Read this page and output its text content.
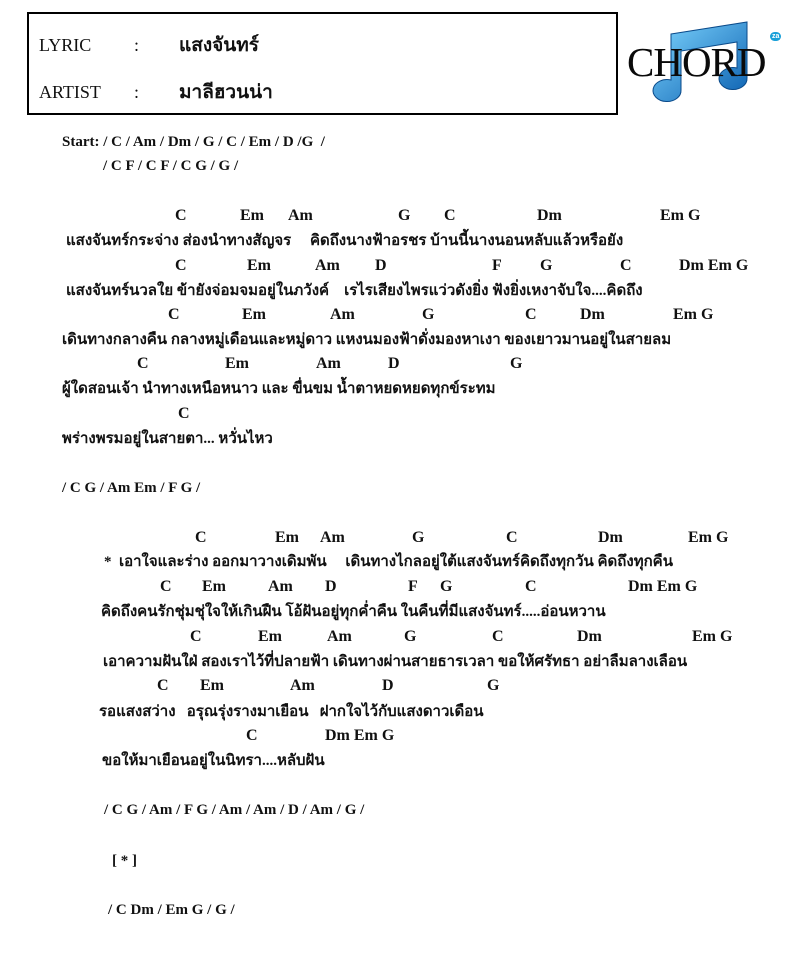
LYRIC : แสงจันทร์
ARTIST : มาลีฮวนน่า
CHORD
za
Start: / C / Am / Dm / G / C / Em / D /G  /
/ C F / C F / C G / G /
C	Em Am	G C	Dm	Em G
แสงจันทร์กระจ่าง ส่องนำทางสัญจร     คิดถึงนางฟ้าอรชร บ้านนี้นางนอนหลับแล้วหรือยัง
C	Em	Am D	F G	C	Dm Em G
แสงจันทร์นวลใย ข้ายังจ่อมจมอยู่ในภวังค์    เรไรเสียงไพรแว่วดังยิ่ง ฟังยิ่งเหงาจับใจ....คิดถึง
C	Em	Am	G	C	Dm	Em G
เดินทางกลางคืน กลางหมู่เดือนและหมู่ดาว แหงนมองฟ้าดั่งมองหาเงา ของเยาวมานอยู่ในสายลม
C	Em	Am	D	G
ผู้ใดสอนเจ้า นำทางเหนือหนาว และ ขื่นขม น้ำตาหยดหยดทุกข์ระทม
C
พร่างพรมอยู่ในสายตา... หวั่นไหว
/ C G / Am Em / F G /
C	Em Am	G	C	Dm	Em G
*  เอาใจและร่าง ออกมาวางเดิมพัน     เดินทางไกลอยู่ใต้แสงจันทร์คิดถึงทุกวัน คิดถึงทุกคืน
C Em	Am D	F G	C	Dm Em G
คิดถึงคนรักชุ่มชุ่ใจให้เกินฝืน โอ้ฝันอยู่ทุกค่ำคืน ในคืนที่มีแสงจันทร์.....อ่อนหวาน
C	Em	Am	G	C	Dm	Em G
เอาความฝันใฝ่ สองเราไว้ที่ปลายฟ้า เดินทางผ่านสายธารเวลา ขอให้ศรัทธา อย่าลืมลางเลือน
C Em	Am	D	G
รอแสงสว่าง   อรุณรุ่งรางมาเยือน   ฝากใจไว้กับแสงดาวเดือน
C	Dm Em G
ขอให้มาเยือนอยู่ในนิทรา....หลับฝัน
/ C G / Am / F G / Am / Am / D / Am / G /
[ * ]
/ C Dm / Em G / G /
